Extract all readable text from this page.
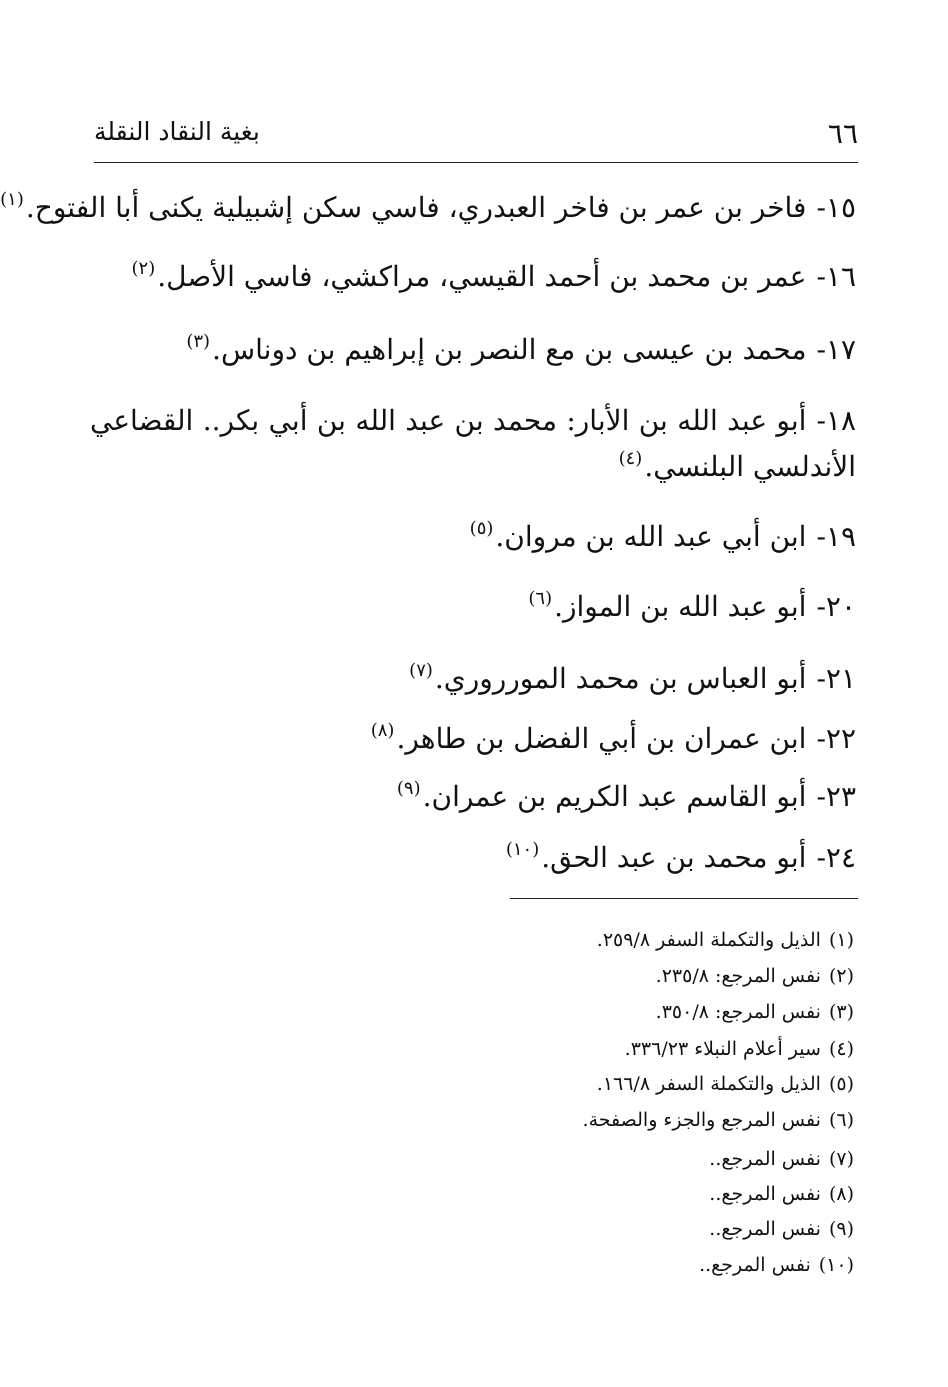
٦٦
بغية النقاد النقلة
١٥-فاخر بن عمر بن فاخر العبدري، فاسي سكن إشبيلية يكنى أبا الفتوح.$^{(١)}$
١٦-عمر بن محمد بن أحمد القيسي، مراكشي، فاسي الأصل.$^{(٢)}$
١٧-محمد بن عيسى بن مع النصر بن إبراهيم بن دوناس.$^{(٣)}$
١٨-أبو عبد الله بن الأبار: محمد بن عبد الله بن أبي بكر.. القضاعي الأندلسي البلنسي.$^{(٤)}$
١٩-ابن أبي عبد الله بن مروان.$^{(٥)}$
٢٠-أبو عبد الله بن المواز.$^{(٦)}$
٢١-أبو العباس بن محمد المورروري.$^{(٧)}$
٢٢-ابن عمران بن أبي الفضل بن طاهر.$^{(٨)}$
٢٣-أبو القاسم عبد الكريم بن عمران.$^{(٩)}$
٢٤-أبو محمد بن عبد الحق.$^{(١٠)}$
(١)الذيل والتكملة السفر ٢٥٩/٨.
(٢)نفس المرجع: ٢٣٥/٨.
(٣)نفس المرجع: ٣٥٠/٨.
(٤)سير أعلام النبلاء ٣٣٦/٢٣.
(٥)الذيل والتكملة السفر ١٦٦/٨.
(٦)نفس المرجع والجزء والصفحة.
(٧)نفس المرجع..
(٨)نفس المرجع..
(٩)نفس المرجع..
(١٠)نفس المرجع..
